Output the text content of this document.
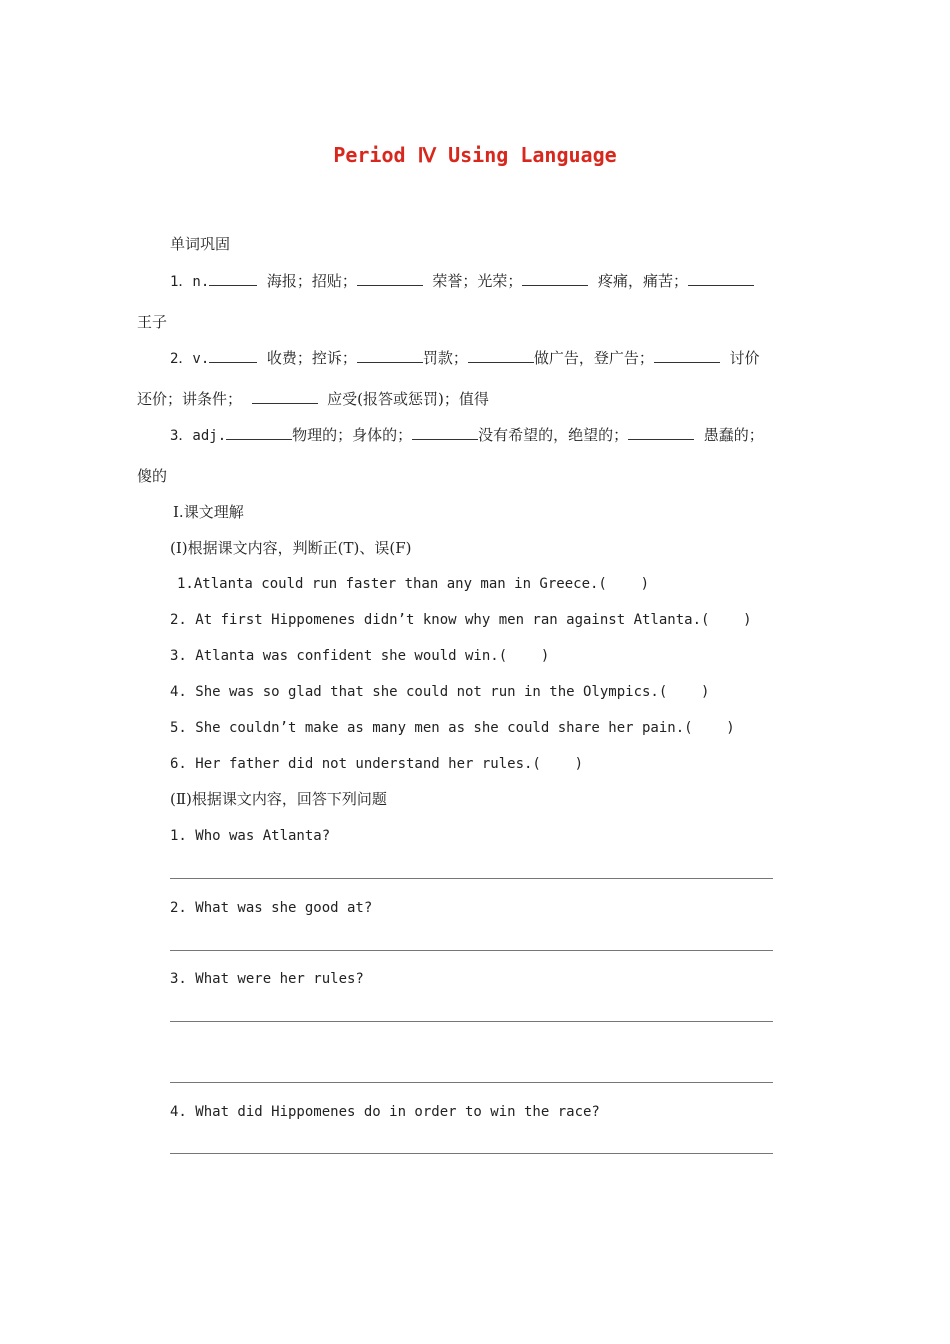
Period Ⅳ Using Language
单词巩固
1．n.	海报；招贴；	荣誉；光荣；	疼痛，痛苦；
王子
2．v.	收费；控诉；	罚款；	做广告，登广告；	讨价
还价；讲条件；	应受(报答或惩罚)；值得
3．adj.	物理的；身体的；	没有希望的，绝望的；	愚蠢的；
傻的
Ⅰ.课文理解
(Ⅰ)根据课文内容，判断正(T)、误(F)
1.Atlanta could run faster than any man in Greece.(    )
2. At first Hippomenes didn’t know why men ran against Atlanta.(    )
3. Atlanta was confident she would win.(    )
4. She was so glad that she could not run in the Olympics.(    )
5. She couldn’t make as many men as she could share her pain.(    )
6. Her father did not understand her rules.(    )
(Ⅱ)根据课文内容，回答下列问题
1. Who was Atlanta?
2. What was she good at?
3. What were her rules?
4. What did Hippomenes do in order to win the race?
